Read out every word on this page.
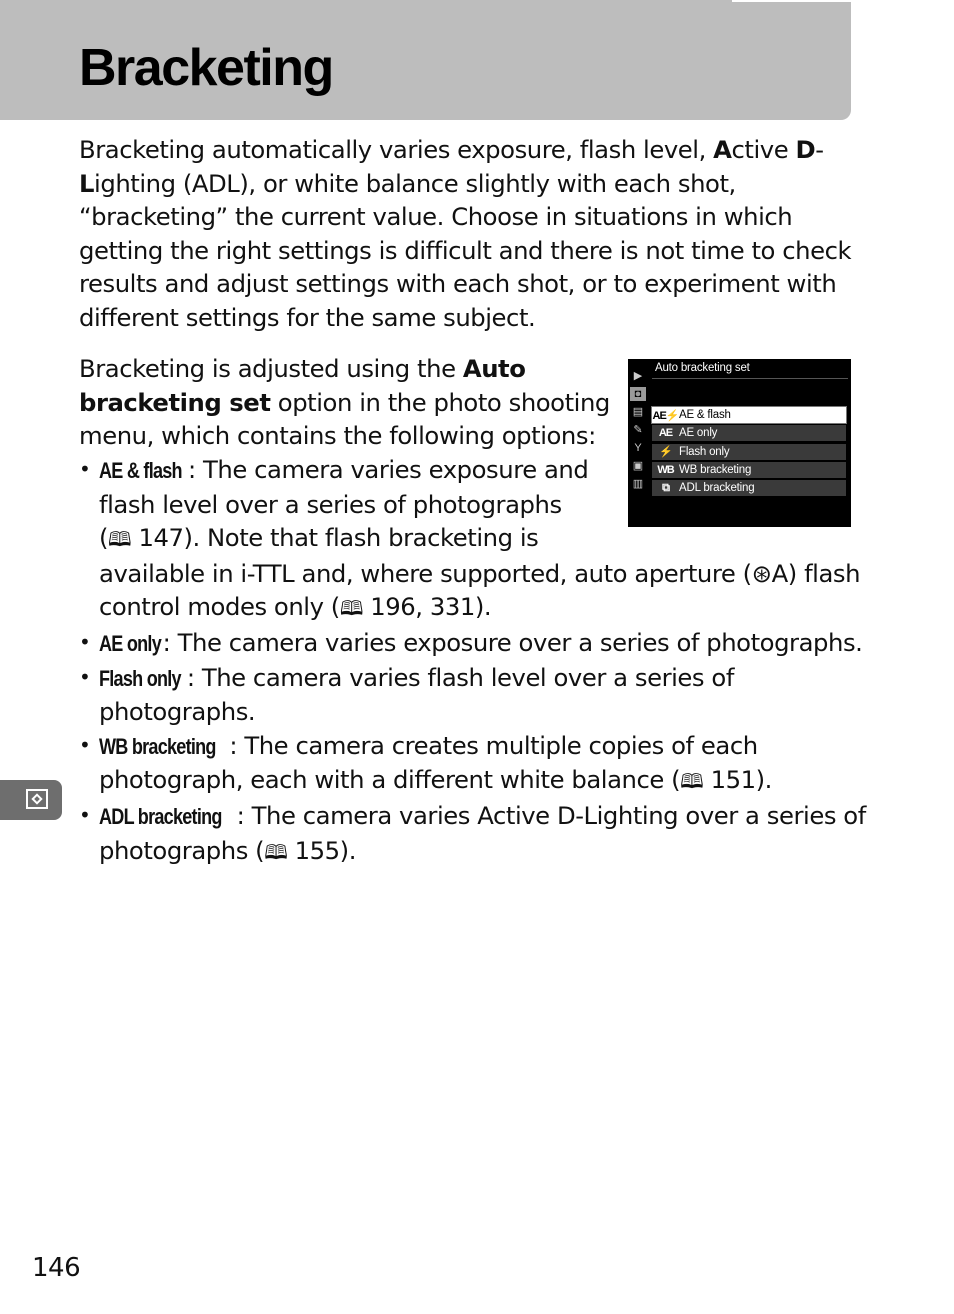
Bracketing

Bracketing automatically varies exposure, flash level, Active D-Lighting (ADL), or white balance slightly with each shot, “bracketing” the current value. Choose in situations in which getting the right settings is difficult and there is not time to check results and adjust settings with each shot, or to experiment with different settings for the same subject.

Bracketing is adjusted using the Auto bracketing set option in the photo shooting menu, which contains the following options:

• AE & flash : The camera varies exposure and flash level over a series of photographs (🕮 147). Note that flash bracketing is
available in i-TTL and, where supported, auto aperture (⊛A) flash control modes only (🕮 196, 331).
• AE only: The camera varies exposure over a series of photographs.
• Flash only : The camera varies flash level over a series of photographs.
• WB bracketing : The camera creates multiple copies of each photograph, each with a different white balance (🕮 151).
• ADL bracketing : The camera varies Active D-Lighting over a series of photographs (🕮 155).
▶
◘
▤
✎
Y
▣
▥
Auto bracketing set
AE⚡ AE & flash
AE AE only
⚡ Flash only
WB WB bracketing
⧉ ADL bracketing
146
